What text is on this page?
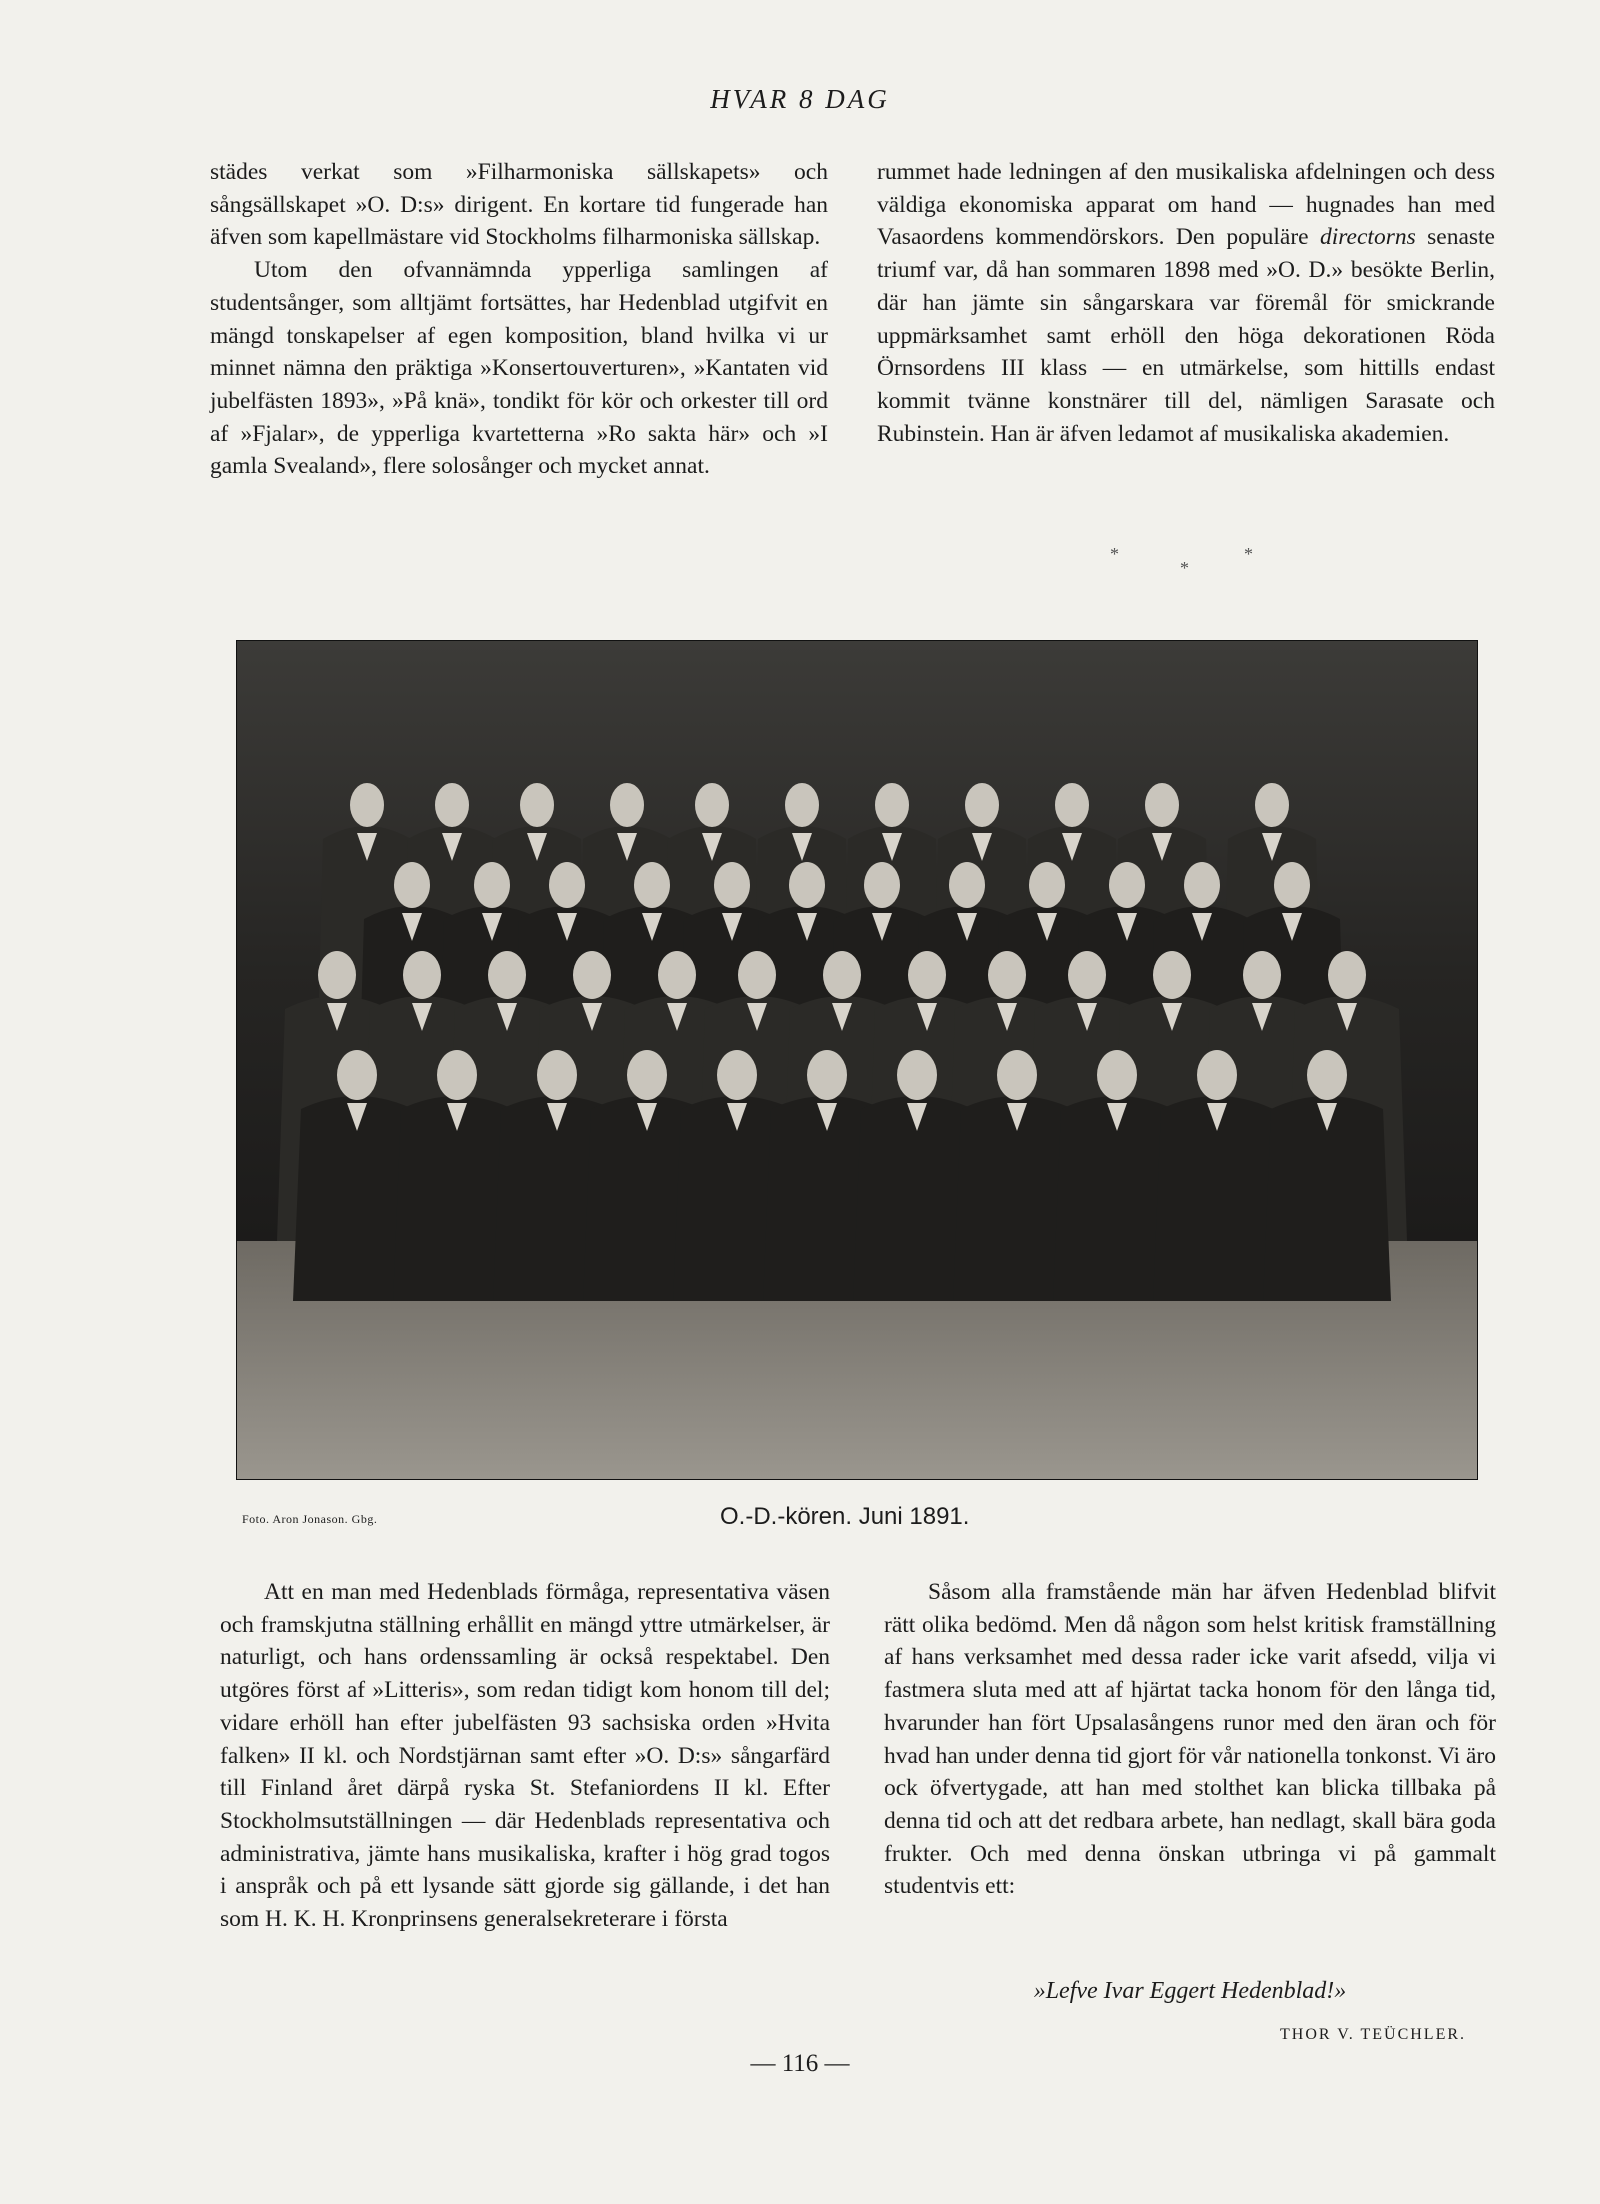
HVAR 8 DAG

städes verkat som »Filharmoniska sällskapets» och sångsällskapet »O. D:s» dirigent. En kortare tid fungerade han äfven som kapellmästare vid Stockholms filharmoniska sällskap.

Utom den ofvannämnda ypperliga samlingen af studentsånger, som alltjämt fortsättes, har Hedenblad utgifvit en mängd tonskapelser af egen komposition, bland hvilka vi ur minnet nämna den präktiga »Konsertouverturen», »Kantaten vid jubelfästen 1893», »På knä», tondikt för kör och orkester till ord af »Fjalar», de ypperliga kvartetterna »Ro sakta här» och »I gamla Svealand», flere solosånger och mycket annat.

rummet hade ledningen af den musikaliska afdelningen och dess väldiga ekonomiska apparat om hand — hugnades han med Vasaordens kommendörskors. Den populäre directorns senaste triumf var, då han sommaren 1898 med »O. D.» besökte Berlin, där han jämte sin sångarskara var föremål för smickrande uppmärksamhet samt erhöll den höga dekorationen Röda Örnsordens III klass — en utmärkelse, som hittills endast kommit tvänne konstnärer till del, nämligen Sarasate och Rubinstein. Han är äfven ledamot af musikaliska akademien.

*
*
*
Foto. Aron Jonason. Gbg.	O.-D.-kören. Juni 1891.

Att en man med Hedenblads förmåga, representativa väsen och framskjutna ställning erhållit en mängd yttre utmärkelser, är naturligt, och hans ordenssamling är också respektabel. Den utgöres först af »Litteris», som redan tidigt kom honom till del; vidare erhöll han efter jubelfästen 93 sachsiska orden »Hvita falken» II kl. och Nordstjärnan samt efter »O. D:s» sångarfärd till Finland året därpå ryska St. Stefaniordens II kl. Efter Stockholmsutställningen — där Hedenblads representativa och administrativa, jämte hans musikaliska, krafter i hög grad togos i anspråk och på ett lysande sätt gjorde sig gällande, i det han som H. K. H. Kronprinsens generalsekreterare i första

Såsom alla framstående män har äfven Hedenblad blifvit rätt olika bedömd. Men då någon som helst kritisk framställning af hans verksamhet med dessa rader icke varit afsedd, vilja vi fastmera sluta med att af hjärtat tacka honom för den långa tid, hvarunder han fört Upsalasångens runor med den äran och för hvad han under denna tid gjort för vår nationella tonkonst. Vi äro ock öfvertygade, att han med stolthet kan blicka tillbaka på denna tid och att det redbara arbete, han nedlagt, skall bära goda frukter. Och med denna önskan utbringa vi på gammalt studentvis ett:

»Lefve Ivar Eggert Hedenblad!»
THOR V. TEÜCHLER.
— 116 —
